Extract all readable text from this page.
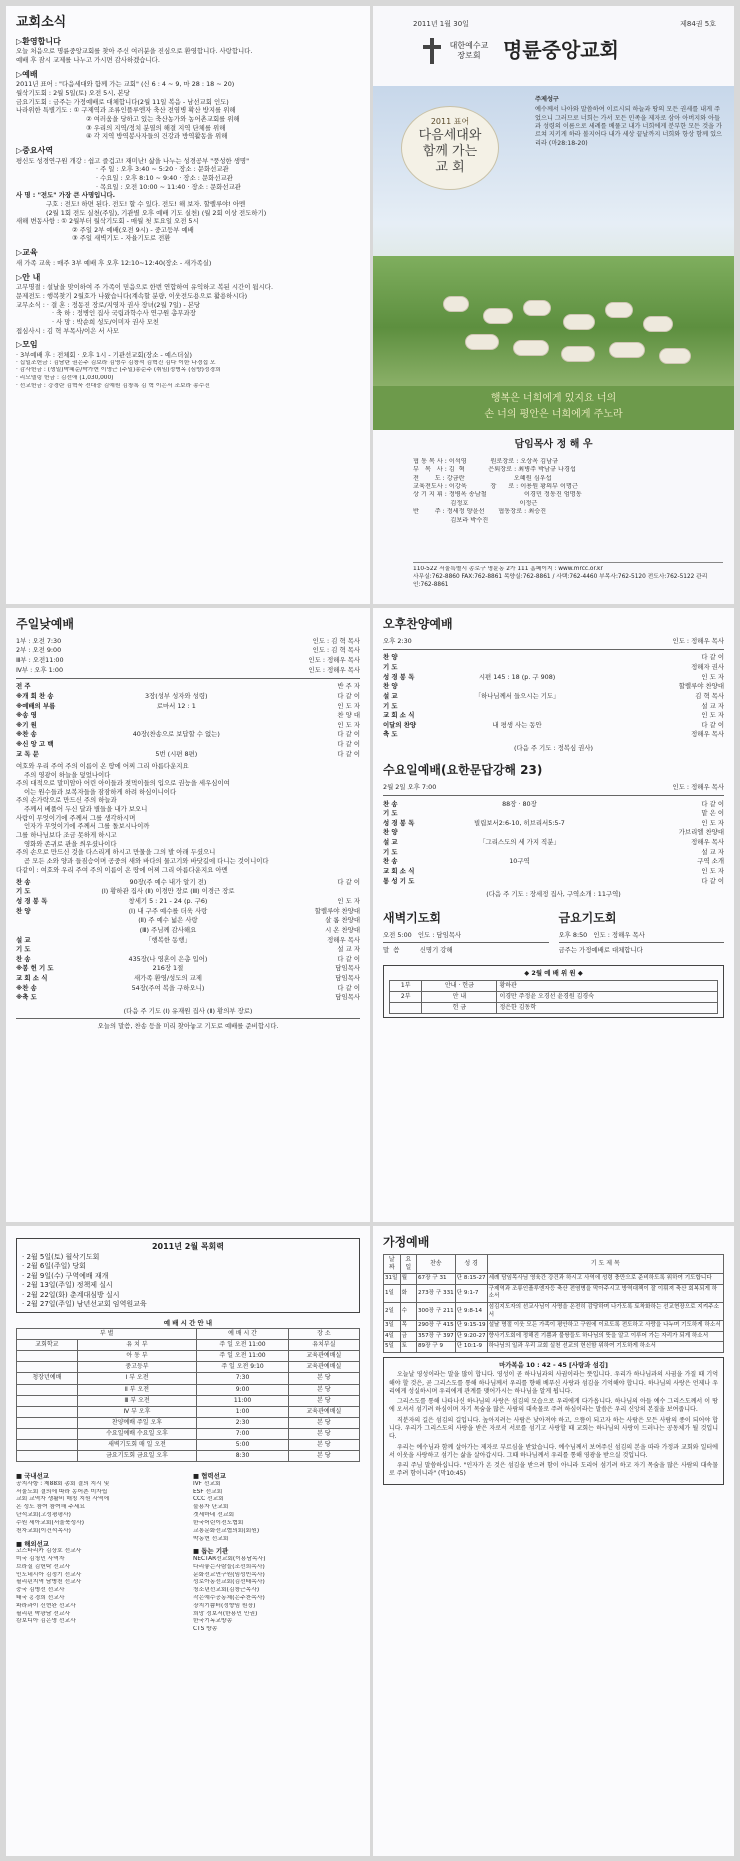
교회소식
▷환영합니다
오늘 처음으로 명륜중앙교회를 찾아 주신 여러분을 진심으로 환영합니다. 사랑합니다.
예배 후 잠시 교제를 나누고 가시면 감사하겠습니다.
▷예배
2011년 표어 : "다음세대와 함께 가는 교회" (신 6 : 4 ~ 9, 마 28 : 18 ~ 20)
월삭기도회 : 2월 5일(토) 오전 5시, 본당
금요기도회 : 금주는 가정예배로 대체합니다(2월 11일 복음 - 남선교회 인도)
나라위한 특별기도 : ① 구제역과 조류인플루엔자 축산 전염병 확산 방지를 위해
② 여러움을 당하고 있는 축산농가와 농어촌교회를 위해
③ 우리의 지역/정치 분열의 해결 지역 단체를 위해
④ 각 지역 방역봉사자들의 건강과 방역활동을 위해
▷중요사역
평신도 성경연구원 개강 : 쉽고 즐겁고! 재미난! 삶을 나누는 성경공부 "풍성한 생명"
· 주 일 : 오후 3:40 ~ 5:20 · 장소 : 문화선교관
· 수요일 : 오후 8:10 ~ 9:40 · 장소 : 문화선교관
· 목요일 : 오전 10:00 ~ 11:40 · 장소 : 문화선교관
사 명 : "전도" 가장 큰 사명입니다.
구호 : 전도! 하면 된다. 전도! 할 수 있다. 전도! 해 보자. 할렐루야! 아멘
(2월 1회 전도 실천(주일), 기관별 오후 예배 기도 실천) (월 2회 이상 전도하기)
새해 변동사항 : ① 2월부터 월삭기도회 - 매월 첫 토요일 오전 5시
② 주일 2부 예배(오전 9시) - 중고등부 예배
③ 주일 새벽기도 - 자율기도로 전환
▷교육
새 가족 교육 : 매주 3부 예배 후 오후 12:10~12:40(장소 - 새가족실)
▷안 내
고무명절 : 설날을 맞이하여 주 가족이 믿음으로 한번 연합하여 유익하고 복된 시간이 됩시다.
문제전도 : 행복찾기 2월호가 나왔습니다(계속할 분량, 이웃전도용으로 활용하시다)
교무소식 : · 결 혼 : 정동진 장로/지영자 권사 장녀(2월 7일) - 본당
· 축 하 : 정병인 집사 국립과학수사 연구원 총무과장
· 사 망 : 박순희 성도/이미자 권사 모친
접심사시 : 김 혁 부목사/이은 서 사모
▷모임
· 3부예배 후 : 전체회 · 오후 1시 - 기관선교회(장소 - 예스더실)
· 십일조헌금 : 김남란 권은주 김보라 김영수 김창석 김혁진 김다 이한 나경섭 오
· 감사헌금 : (생일)박혜순/박가현 이영근 (주일)송순주 (취임)정병옥 (심방)정경희
· 리모델링 헌금 : 김선애 (1,030,000)
· 선교헌금 : 강경란 김혁욱 전대중 김예원 김창록 김 혁 이은서 조보라 송수진
2011년 1월 30일	제84권 5호
대한예수교 장로회	명륜중앙교회
2011 표어
다음세대와
함께 가는
교 회
주제성구
예수께서 나아와 말씀하여 이르시되 하늘과 땅의 모든 권세를 내게 주었으니 그러므로 너희는 가서 모든 민족을 제자로 삼아 아버지와 아들과 성령의 이름으로 세례를 베풀고 내가 너희에게 분부한 모든 것을 가르쳐 지키게 하라 볼지어다 내가 세상 끝날까지 너희와 항상 함께 있으리라 (마28:18-20)
행복은 너희에게 있지요 너의
손 너의 평안은 너희에게 주노라
담임목사 정 해 우
협 동 목 사 : 이석영            원로장로 : 오상옥 김남규
부   목   사 : 김  혁            은퇴장로 : 최병주 박남규 나경섭
전        도 : 강금란                         오혜원 심우섭
교육전도사 : 이강욱            장      로 : 이용원 황의부 이명근
상 기 지 휘 : 정병옥 송남철                   이경민 정동진 엄명동
김정호                          이정근
반        주 : 정세정 양윤선       협동장로 : 최승진
김보라 박수진
110-522 서울특별시 종로구 명륜동 2가 111 홈페이지 : www.mrcc.or.kr
사무실:762-8860 FAX:762-8861 목양실:762-8861 / 사택:762-4460 부목사:762-5120 전도사:762-5122 관리인:762-8861
주일낮예배
1부 : 오전 7:30	인도 : 김 혁 목사
2부 : 오전 9:00	인도 : 김 혁 목사
Ⅲ부 : 오전11:00	인도 : 정해우 목사
Ⅳ부 : 오후 1:00	인도 : 정해우 목사
전 주		반 주 자
※개 회 찬 송	3장(성부 성자와 성령)	다 같 이
※예배의 부름	로마서 12 : 1	인 도 자
※송 영		찬 양 대
※기 원		인 도 자
※찬 송	40장(찬송으로 보답할 수 없는)	다 같 이
※신 앙 고 백		다 같 이
교 독 문	5번 (시편 8편)	다 같 이
여호와 우리 주여 주의 이름이 온 땅에 어찌 그리 아름다운지요
주의 영광이 하늘을 덮었나이다
주의 대적으로 말미암아 어린 아이들과 젖먹이들의 입으로 권능을 세우심이여
이는 원수들과 보복자들을 잠잠하게 하려 하심이니이다
주의 손가락으로 만드신 주의 하늘과
주께서 베풀어 두신 달과 별들을 내가 보오니
사람이 무엇이기에 주께서 그를 생각하시며
인자가 무엇이기에 주께서 그를 돌보시나이까
그를 하나님보다 조금 못하게 하시고
영화와 존귀로 관을 씌우셨나이다
주의 손으로 만드신 것을 다스리게 하시고 만물을 그의 발 아래 두셨으니
곧 모든 소와 양과 들짐승이며 공중의 새와 바다의 물고기와 바닷길에 다니는 것이니이다
다같이 : 여호와 우리 주여 주의 이름이 온 땅에 어찌 그리 아름다운지요 아멘
찬 송	90장(주 예수 내가 알기 전)	다 같 이
기 도	(Ⅰ) 황하관 집사 (Ⅱ) 이경만 장로 (Ⅲ) 이경근 장로	
성 경 봉 독	창세기 5 : 21 - 24 (p. 구6)	인 도 자
찬 양	(Ⅰ) 내 구주 예수를 더욱 사랑	할렐루야 찬양대
	(Ⅱ) 주 예수 넓은 사랑	살 롬 찬양대
	(Ⅲ) 주님께 감사해요	시 온 찬양대
설 교	「행복한 동행」	정해우 목사
기 도		설 교 자
찬 송	435장(나 영혼이 은총 입어)	다 같 이
※봉 헌 기 도	216장 1절	담임목사
교 회 소 식	새가족 환영/성도의 교제	담임목사
※찬 송	54장(주여 복을 구하오니)	다 같 이
※축 도		담임목사
(다음 주 기도 (Ⅰ) 유재원 집사 (Ⅱ) 황의부 장로)
오늘의 말씀, 찬송 등을 미리 찾아놓고 기도로 예배를 준비합시다.
오후찬양예배
오후 2:30	인도 : 정해우 목사
찬 양		다 같 이
기 도		정해자 권사
성 경 봉 독	시편 145 : 18 (p. 구 908)	인 도 자
찬 양		할렐루야 찬양대
설 교	「하나님께서 들으시는 기도」	김 혁 목사
기 도		설 교 자
교 회 소 식		인 도 자
이달의 찬양	내 평생 사는 동안	다 같 이
축 도		정해우 목사
(다음 주 기도 : 정복심 권사)
수요일예배(요한문답강해 23)
2월 2일 오후 7:00	인도 : 정해우 목사
찬 송	88장 · 80장	다 같 이
기 도		맡 은 이
성 경 봉 독	빌립보서2:6-10, 히브리서5:5-7	인 도 자
찬 양		가브리엘 찬양대
설 교	「그리스도의 세 가지 직분」	정해우 목사
기 도		설 교 자
찬 송	10구역	구역 소개
교 회 소 식		인 도 자
통 성 기 도		다 같 이
(다음 주 기도 : 장세정 집사, 구역소개 : 11구역)
새벽기도회
오전 5:00 인도 : 담임목사
말  씀          신명기 강해
금요기도회
오후 8:50 인도 : 정해우 목사
금주는 가정예배로 대체합니다
◆ 2월 예 배 위 원 ◆
1부	안내 · 헌금	황하관
2부	안 내	이경만 주정윤 오경선 윤경원 김경숙
	헌 금	정은한 김동학
2011년 2월 목회력
· 2월 5일(토) 월삭기도회
· 2월 6일(주일) 당회
· 2월 9일(수) 구역예배 재개
· 2월 13일(주일) 정책제 실시
· 2월 22일(화) 춘계대심방 실시
· 2월 27일(주일) 남년선교회 임역원교육
예 배 시 간 안 내
부 별		예 배 시 간	장 소
교회학교	유 치 부	주 일 오전 11:00	유치부실
	아 동 부	주 일 오전 11:00	교육관예배실
	중고등부	주 일 오전 9:10	교육관예배실
청장년예배	Ⅰ 부 오전	7:30	본 당
	Ⅱ 부 오전	9:00	본 당
	Ⅲ 부 오전	11:00	본 당
	Ⅳ 부 오후	1:00	교육관예배실
	찬양예배 주일 오후	2:30	본 당
	수요일예배 수요일 오후	7:00	본 당
	새벽기도회 매 일 오전	5:00	본 당
	금요기도회 금요일 오후	8:30	본 당
■ 국내선교
공지사항 : 제88회 총회 결의 지시 및
서울노회 결의에 따라 농어촌 미자립
교회 교역자 생활비 매칭 지원 사역에
온 성도 참여 참여해 주세요
단석교회(고성평평사)
수원 세아교회(서울북성사)
천자교회(이건석목사)
■ 해외선교
코스타리카 김상호 선교사
미국 김청민 사역자
브라질 김헌탁 선교사
인도네시아 김정기 선교사
필리핀지역 남병천 선교사
중국 김병선 선교사
태국 홍경희 선교사
파라과이 신현완 선교사
필리핀 박광남 선교사
캄보디아 김은영 선교사
■ 협력선교
IVF 선교회
ESF 선교회
CCC 선교회
불용자 단교회
겟세마네 선교회
한국어린이전도협회
교통문화선교협의회(회원)
박동현 선교회
■ 돕는 기관
NECTAR선교회(이용남목사)
다리놓는사람들(조선희목사)
문화선교연구원(임성빈목사)
성로아동선교회(김선태목사)
청소년선교회(김창근목사)
작은예수공동체(은주찬목사)
장지기쁨터(정향임 원장)
희망 정보서(한용민 인권)
한국기독교방송
CTS 방송
가정예배
날짜	요일	찬송	성 경	기 도 제 목
31일	월	67장 구 31	단 8:15-27	세례 담임목사님 영육간 강건과 하시고 사역에 성령 충만으로 준비하도록 위하여 기도합니다
1일	화	273장 구 331	단 9:1-7	구제역과 조류인플루엔자등 축산 전염병을 막아주시고 방역대책이 잘 이뤄져 축산 회복되게 하소서
2일	수	300장 구 211	단 9:8-14	섬김지도자의 선교사님이 사명을 온전히 감당하며 나가도록 토착화하는 선교현장으로 지켜주소서
3일	목	290장 구 415	단 9:15-19	설날 명절 이웃 모든 가족이 평안하고 구원에 이르도록 전도하고 사랑을 나누며 기도하게 하소서
4일	금	357장 구 397	단 9:20-27	향사기도회에 정해진 기쁨과 불쌍들도 하나님의 뜻을 알고 이루어 가는 자리가 되게 하소서
5일	토	89장 구 9	단 10:1-9	하나님의 일과 우리 교회 실천 선교의 헌신함 위하여 기도하게 하소서
마가복음 10 : 42 - 45 [사랑과 섬김]

오늘날 영성이라는 말을 많이 합니다. 영성이 곧 하나님과의 사귐이라는 뜻입니다. 우리가 하나님과의 사귐을 가질 때 기억해야 할 것은, 곧 그리스도를 통해 하나님께서 우리를 향해 베푸신 사랑과 섬김을 기억해야 합니다. 하나님의 사랑은 언제나 우리에게 성실하시며 우리에게 관계를 맺어가시는 하나님을 알게 됩니다.

그리스도를 통해 나타나신 하나님의 사랑은 섬김의 모습으로 우리에게 다가옵니다. 하나님의 아들 예수 그리스도께서 이 땅에 오셔서 섬기려 하심이며 자기 목숨을 많은 사람의 대속물로 주려 하심이라는 말씀은 우리 신앙의 본질을 보여줍니다.

직분자의 길은 섬김의 길입니다. 높아지려는 사람은 낮아져야 하고, 으뜸이 되고자 하는 사람은 모든 사람의 종이 되어야 합니다. 우리가 그리스도의 사랑을 받은 자로서 서로를 섬기고 사랑할 때 교회는 하나님의 사랑이 드러나는 공동체가 될 것입니다.

우리는 예수님과 함께 살아가는 제자로 부르심을 받았습니다. 예수님께서 보여주신 섬김의 본을 따라 가정과 교회와 일터에서 이웃을 사랑하고 섬기는 삶을 살아갑시다. 그때 하나님께서 우리를 통해 영광을 받으실 것입니다.

우리 주님 말씀하십니다. "인자가 온 것은 섬김을 받으려 함이 아니라 도리어 섬기려 하고 자기 목숨을 많은 사람의 대속물로 주려 함이니라" (막10:45)
